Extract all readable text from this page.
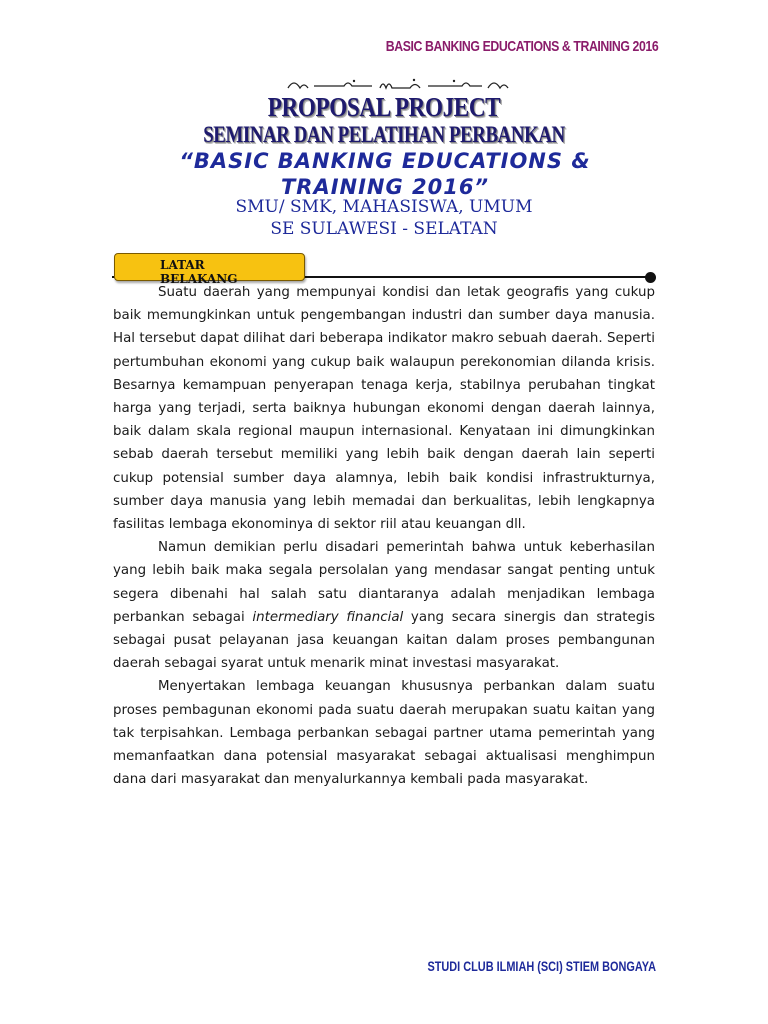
BASIC BANKING EDUCATIONS & TRAINING 2016
PROPOSAL PROJECT
SEMINAR DAN PELATIHAN PERBANKAN
“BASIC BANKING EDUCATIONS & TRAINING 2016”
SMU/ SMK, MAHASISWA, UMUM
SE SULAWESI - SELATAN
LATAR BELAKANG

Suatu daerah yang mempunyai kondisi dan letak geografis yang cukup baik memungkinkan untuk pengembangan industri dan sumber daya manusia. Hal tersebut dapat dilihat dari beberapa indikator makro sebuah daerah. Seperti pertumbuhan ekonomi yang cukup baik walaupun perekonomian dilanda krisis. Besarnya kemampuan penyerapan tenaga kerja, stabilnya perubahan tingkat harga yang terjadi, serta baiknya hubungan ekonomi dengan daerah lainnya, baik dalam skala regional maupun internasional. Kenyataan ini dimungkinkan sebab daerah tersebut memiliki yang lebih baik dengan daerah lain seperti cukup potensial sumber daya alamnya, lebih baik kondisi infrastrukturnya, sumber daya manusia yang lebih memadai dan berkualitas, lebih lengkapnya fasilitas lembaga ekonominya di sektor riil atau keuangan dll.

Namun demikian perlu disadari pemerintah bahwa untuk keberhasilan yang lebih baik maka segala persolalan yang mendasar sangat penting untuk segera dibenahi hal salah satu diantaranya adalah menjadikan lembaga perbankan sebagai intermediary financial yang secara sinergis dan strategis sebagai pusat pelayanan jasa keuangan kaitan dalam proses pembangunan daerah sebagai syarat untuk menarik minat investasi masyarakat.

Menyertakan lembaga keuangan khususnya perbankan dalam suatu proses pembagunan ekonomi pada suatu daerah merupakan suatu kaitan yang tak terpisahkan. Lembaga perbankan sebagai partner utama pemerintah yang memanfaatkan dana potensial masyarakat sebagai aktualisasi menghimpun dana dari masyarakat dan menyalurkannya kembali pada masyarakat.

STUDI CLUB ILMIAH (SCI) STIEM BONGAYA
